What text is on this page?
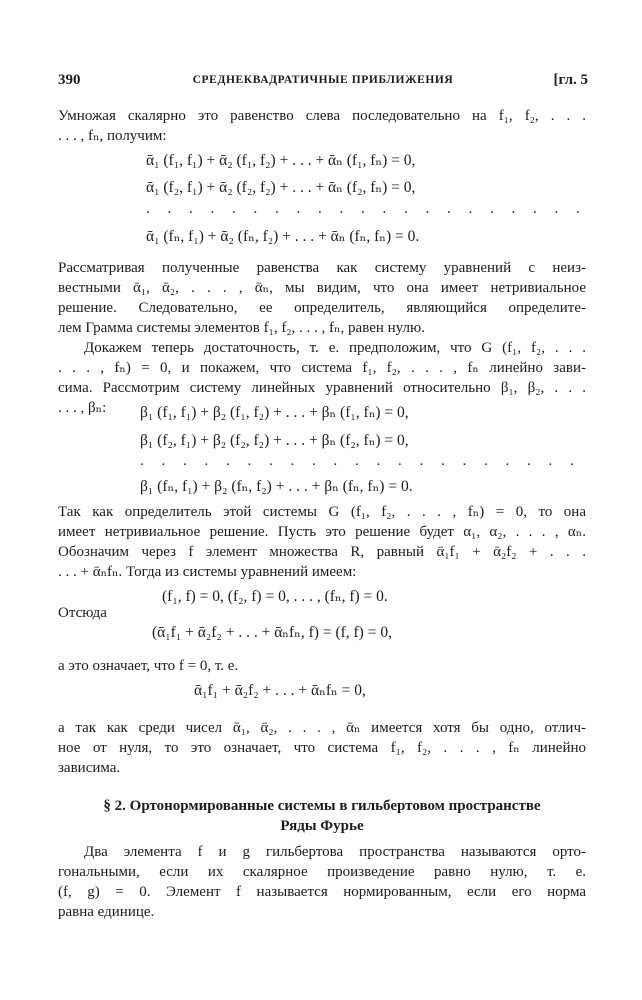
390	СРЕДНЕКВАДРАТИЧНЫЕ ПРИБЛИЖЕНИЯ	[гл. 5
Умножая скалярно это равенство слева последовательно на f₁, f₂, . . .
. . . , fₙ, получим:
ᾱ₁ (f₁, f₁) + ᾱ₂ (f₁, f₂) + . . . + ᾱₙ (f₁, fₙ) = 0,
ᾱ₁ (f₂, f₁) + ᾱ₂ (f₂, f₂) + . . . + ᾱₙ (f₂, fₙ) = 0,
. . . . . . . . . . . . . . . . . . . . .
ᾱ₁ (fₙ, f₁) + ᾱ₂ (fₙ, f₂) + . . . + ᾱₙ (fₙ, fₙ) = 0.
Рассматривая полученные равенства как систему уравнений с неиз-
вестными ᾱ₁, ᾱ₂, . . . , ᾱₙ, мы видим, что она имеет нетривиальное
решение. Следовательно, ее определитель, являющийся определите-
лем Грамма системы элементов f₁, f₂, . . . , fₙ, равен нулю.
Докажем теперь достаточность, т. е. предположим, что G (f₁, f₂, . . .
. . . , fₙ) = 0, и покажем, что система f₁, f₂, . . . , fₙ линейно зави-
сима. Рассмотрим систему линейных уравнений относительно β₁, β₂, . . .
. . . , βₙ:	β₁ (f₁, f₁) + β₂ (f₁, f₂) + . . . + βₙ (f₁, fₙ) = 0,
β₁ (f₂, f₁) + β₂ (f₂, f₂) + . . . + βₙ (f₂, fₙ) = 0,
. . . . . . . . . . . . . . . . . . . . .
β₁ (fₙ, f₁) + β₂ (fₙ, f₂) + . . . + βₙ (fₙ, fₙ) = 0.
Так как определитель этой системы G (f₁, f₂, . . . , fₙ) = 0, то она
имеет нетривиальное решение. Пусть это решение будет α₁, α₂, . . . , αₙ.
Обозначим через f элемент множества R, равный ᾱ₁f₁ + ᾱ₂f₂ + . . .
. . . + ᾱₙfₙ. Тогда из системы уравнений имеем:
(f₁, f) = 0, (f₂, f) = 0, . . . , (fₙ, f) = 0.
Отсюда
(ᾱ₁f₁ + ᾱ₂f₂ + . . . + ᾱₙfₙ, f) = (f, f) = 0,
а это означает, что f = 0, т. е.
ᾱ₁f₁ + ᾱ₂f₂ + . . . + ᾱₙfₙ = 0,
а так как среди чисел ᾱ₁, ᾱ₂, . . . , ᾱₙ имеется хотя бы одно, отлич-
ное от нуля, то это означает, что система f₁, f₂, . . . , fₙ линейно
зависима.
§ 2. Ортонормированные системы в гильбертовом пространстве
Ряды Фурье
Два элемента f и g гильбертова пространства называются орто-
гональными, если их скалярное произведение равно нулю, т. е.
(f, g) = 0. Элемент f называется нормированным, если его норма
равна единице.
